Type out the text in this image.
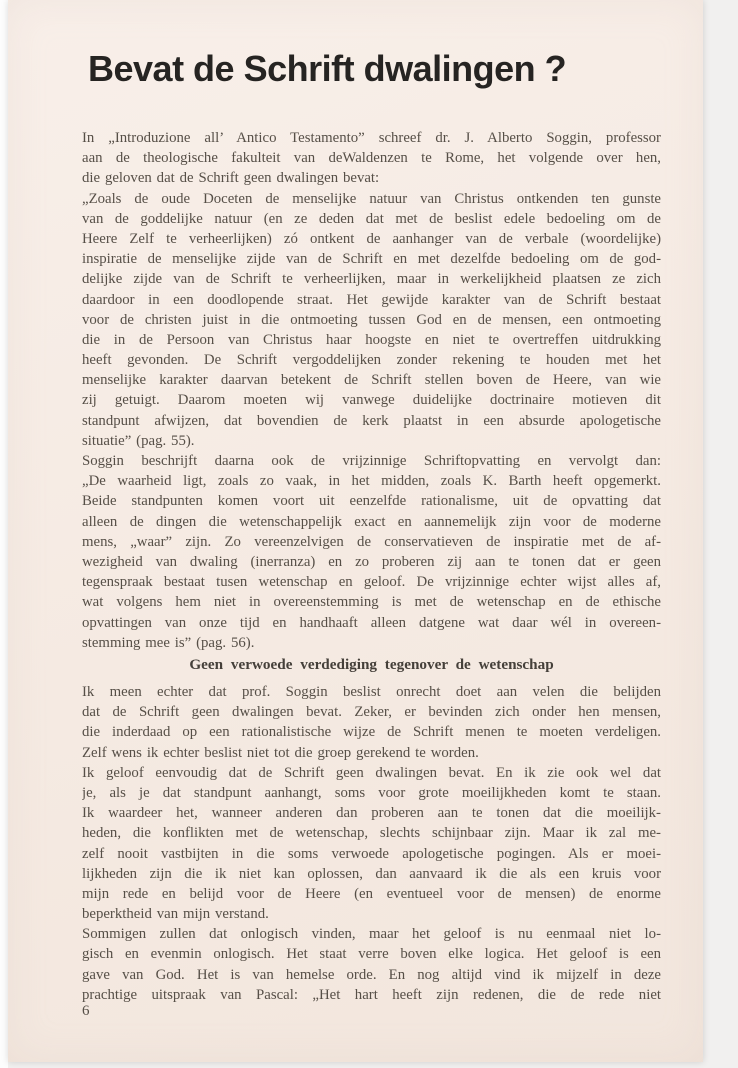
Bevat de Schrift dwalingen ?
In „Introduzione all’ Antico Testamento” schreef dr. J. Alberto Soggin, professor
aan de theologische fakulteit van deWaldenzen te Rome, het volgende over hen,
die geloven dat de Schrift geen dwalingen bevat:
„Zoals de oude Doceten de menselijke natuur van Christus ontkenden ten gunste
van de goddelijke natuur (en ze deden dat met de beslist edele bedoeling om de
Heere Zelf te verheerlijken) zó ontkent de aanhanger van de verbale (woordelijke)
inspiratie de menselijke zijde van de Schrift en met dezelfde bedoeling om de god-
delijke zijde van de Schrift te verheerlijken, maar in werkelijkheid plaatsen ze zich
daardoor in een doodlopende straat. Het gewijde karakter van de Schrift bestaat
voor de christen juist in die ontmoeting tussen God en de mensen, een ontmoeting
die in de Persoon van Christus haar hoogste en niet te overtreffen uitdrukking
heeft gevonden. De Schrift vergoddelijken zonder rekening te houden met het
menselijke karakter daarvan betekent de Schrift stellen boven de Heere, van wie
zij getuigt. Daarom moeten wij vanwege duidelijke doctrinaire motieven dit
standpunt afwijzen, dat bovendien de kerk plaatst in een absurde apologetische
situatie” (pag. 55).
Soggin beschrijft daarna ook de vrijzinnige Schriftopvatting en vervolgt dan:
„De waarheid ligt, zoals zo vaak, in het midden, zoals K. Barth heeft opgemerkt.
Beide standpunten komen voort uit eenzelfde rationalisme, uit de opvatting dat
alleen de dingen die wetenschappelijk exact en aannemelijk zijn voor de moderne
mens, „waar” zijn. Zo vereenzelvigen de conservatieven de inspiratie met de af-
wezigheid van dwaling (inerranza) en zo proberen zij aan te tonen dat er geen
tegenspraak bestaat tusen wetenschap en geloof. De vrijzinnige echter wijst alles af,
wat volgens hem niet in overeenstemming is met de wetenschap en de ethische
opvattingen van onze tijd en handhaaft alleen datgene wat daar wél in overeen-
stemming mee is” (pag. 56).
Geen verwoede verdediging tegenover de wetenschap
Ik meen echter dat prof. Soggin beslist onrecht doet aan velen die belijden
dat de Schrift geen dwalingen bevat. Zeker, er bevinden zich onder hen mensen,
die inderdaad op een rationalistische wijze de Schrift menen te moeten verdeligen.
Zelf wens ik echter beslist niet tot die groep gerekend te worden.
Ik geloof eenvoudig dat de Schrift geen dwalingen bevat. En ik zie ook wel dat
je, als je dat standpunt aanhangt, soms voor grote moeilijkheden komt te staan.
Ik waardeer het, wanneer anderen dan proberen aan te tonen dat die moeilijk-
heden, die konflikten met de wetenschap, slechts schijnbaar zijn. Maar ik zal me-
zelf nooit vastbijten in die soms verwoede apologetische pogingen. Als er moei-
lijkheden zijn die ik niet kan oplossen, dan aanvaard ik die als een kruis voor
mijn rede en belijd voor de Heere (en eventueel voor de mensen) de enorme
beperktheid van mijn verstand.
Sommigen zullen dat onlogisch vinden, maar het geloof is nu eenmaal niet lo-
gisch en evenmin onlogisch. Het staat verre boven elke logica. Het geloof is een
gave van God. Het is van hemelse orde. En nog altijd vind ik mijzelf in deze
prachtige uitspraak van Pascal: „Het hart heeft zijn redenen, die de rede niet
6
